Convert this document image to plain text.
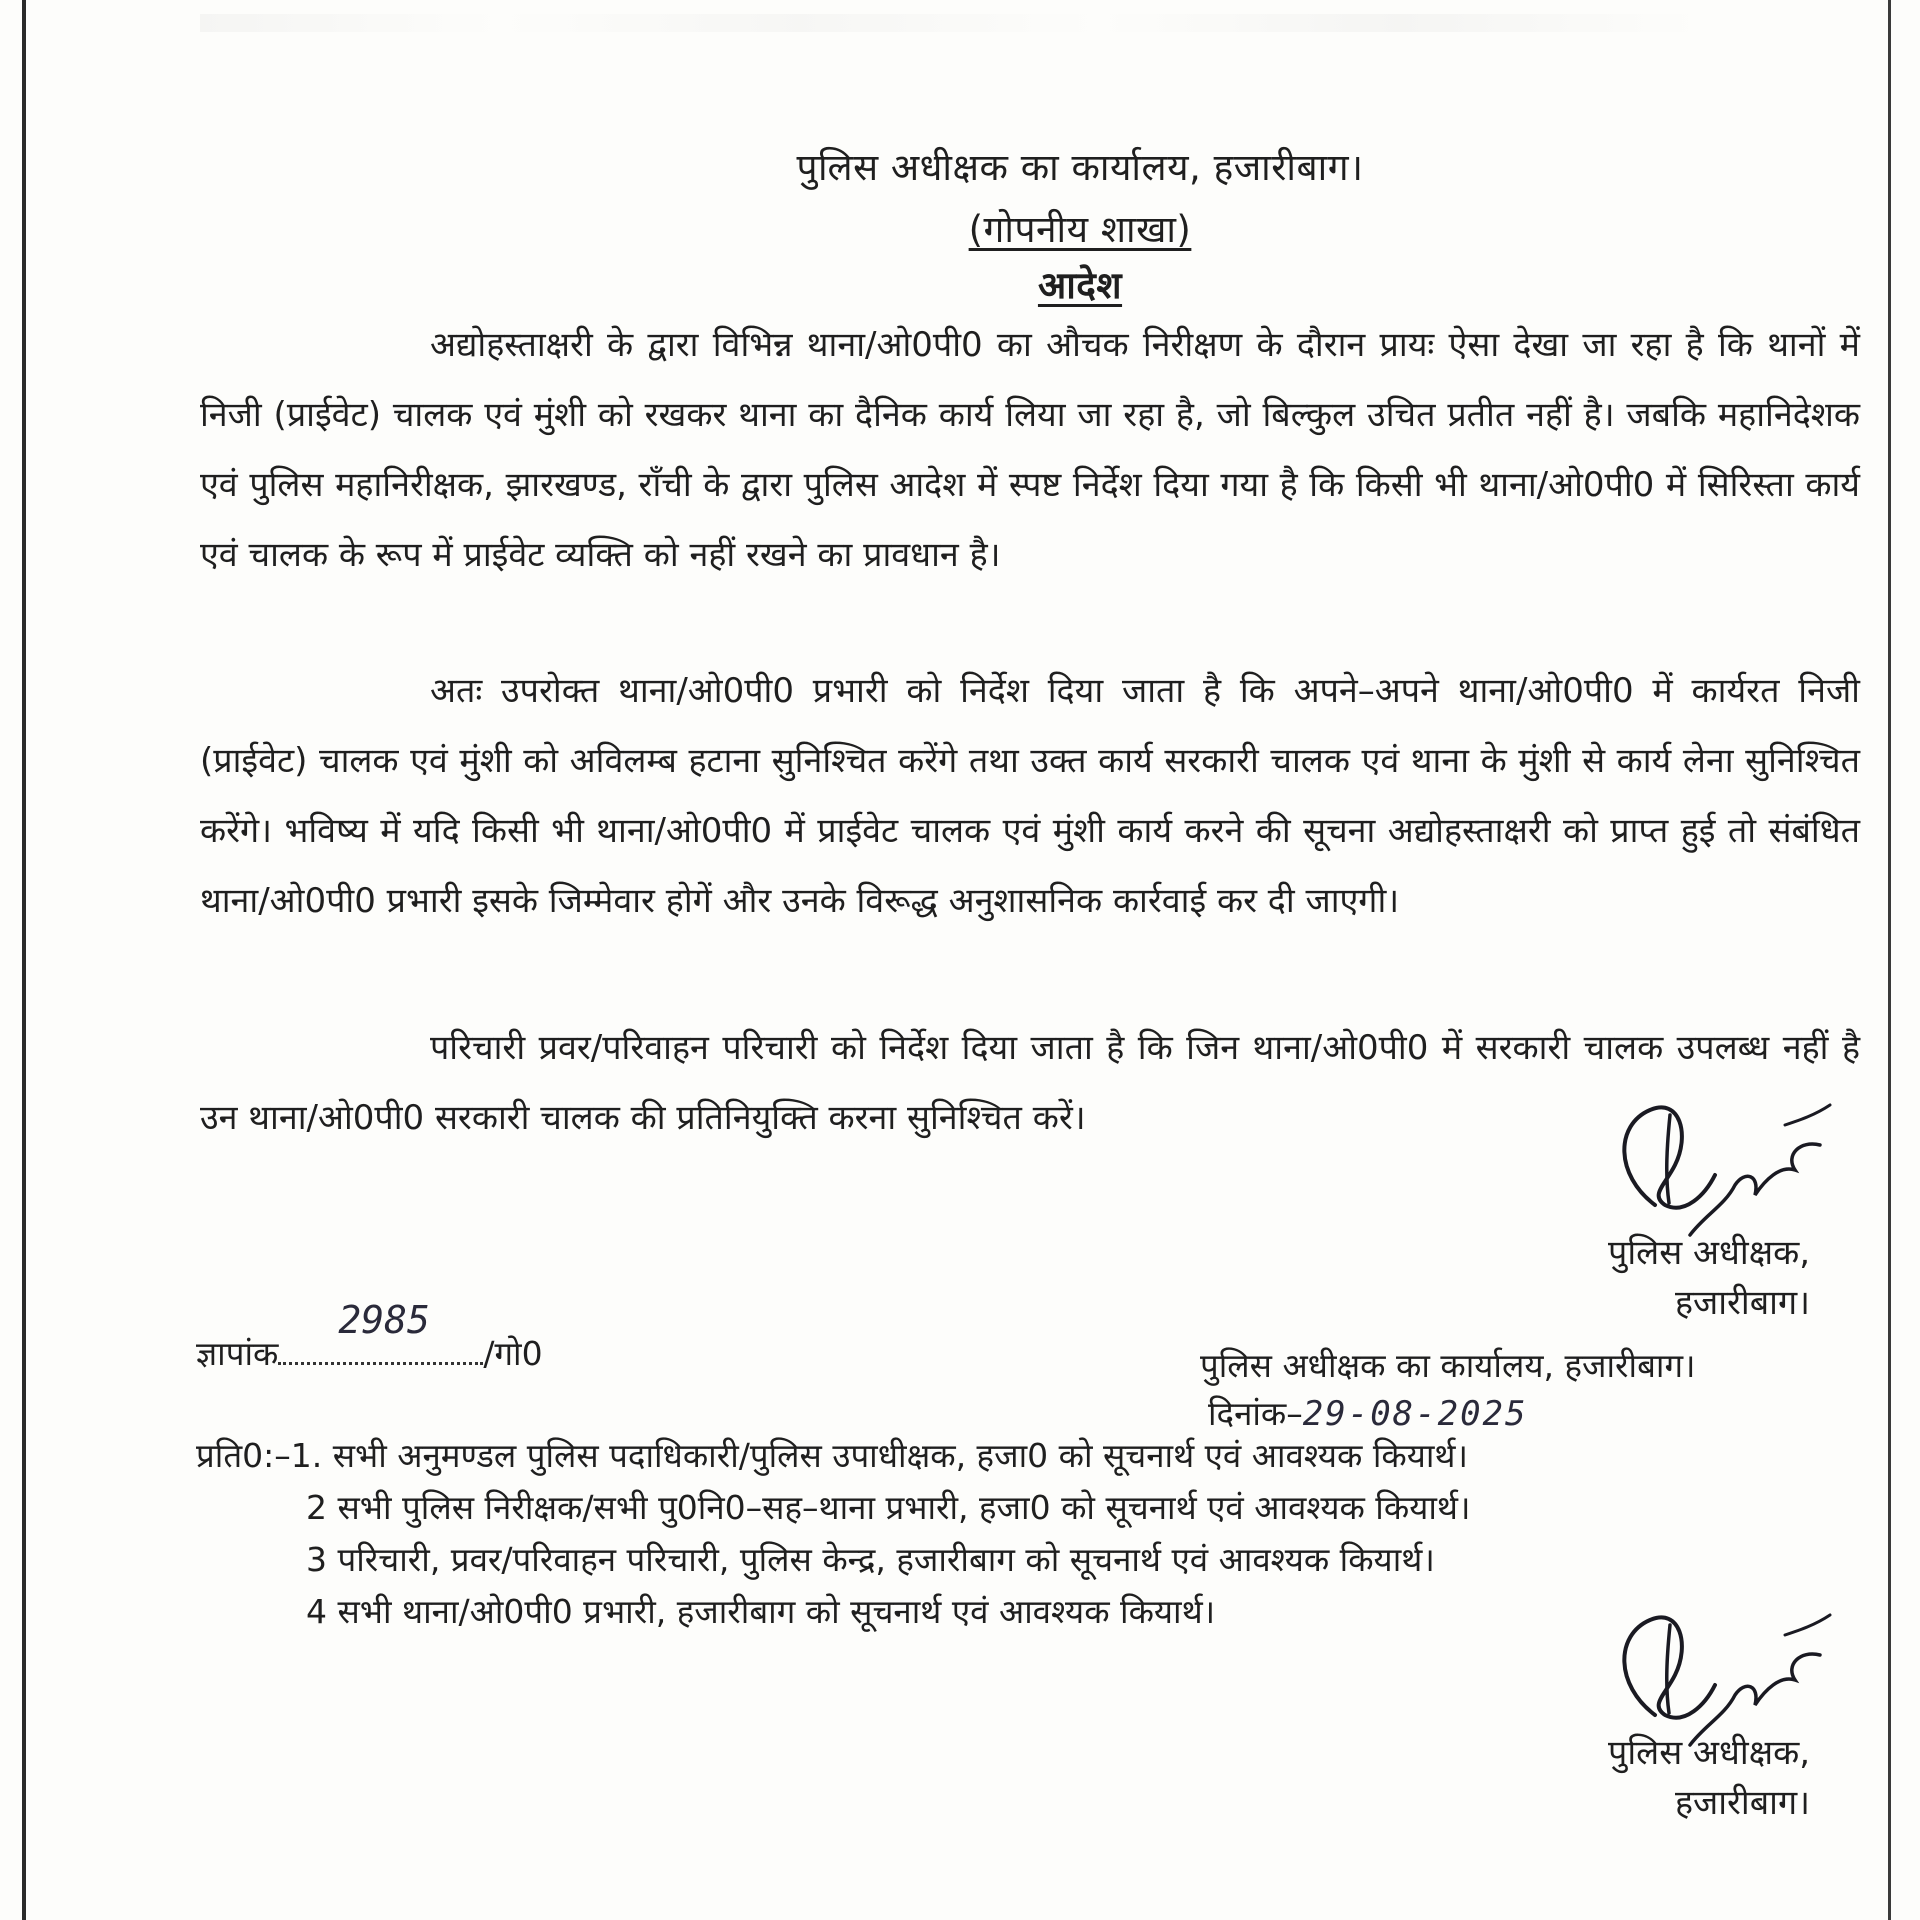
पुलिस अधीक्षक का कार्यालय, हजारीबाग।
(गोपनीय शाखा)
आदेश

अद्योहस्ताक्षरी के द्वारा विभिन्न थाना/ओ0पी0 का औचक निरीक्षण के दौरान प्रायः ऐसा देखा जा रहा है कि थानों में निजी (प्राईवेट) चालक एवं मुंशी को रखकर थाना का दैनिक कार्य लिया जा रहा है, जो बिल्कुल उचित प्रतीत नहीं है। जबकि महानिदेशक एवं पुलिस महानिरीक्षक, झारखण्ड, राँची के द्वारा पुलिस आदेश में स्पष्ट निर्देश दिया गया है कि किसी भी थाना/ओ0पी0 में सिरिस्ता कार्य एवं चालक के रूप में प्राईवेट व्यक्ति को नहीं रखने का प्रावधान है।

अतः उपरोक्त थाना/ओ0पी0 प्रभारी को निर्देश दिया जाता है कि अपने–अपने थाना/ओ0पी0 में कार्यरत निजी (प्राईवेट) चालक एवं मुंशी को अविलम्ब हटाना सुनिश्चित करेंगे तथा उक्त कार्य सरकारी चालक एवं थाना के मुंशी से कार्य लेना सुनिश्चित करेंगे। भविष्य में यदि किसी भी थाना/ओ0पी0 में प्राईवेट चालक एवं मुंशी कार्य करने की सूचना अद्योहस्ताक्षरी को प्राप्त हुई तो संबंधित थाना/ओ0पी0 प्रभारी इसके जिम्मेवार होगें और उनके विरूद्ध अनुशासनिक कार्रवाई कर दी जाएगी।

परिचारी प्रवर/परिवाहन परिचारी को निर्देश दिया जाता है कि जिन थाना/ओ0पी0 में सरकारी चालक उपलब्ध नहीं है उन थाना/ओ0पी0 सरकारी चालक की प्रतिनियुक्ति करना सुनिश्चित करें।

पुलिस अधीक्षक,
हजारीबाग।
ज्ञापांक
2985
/गो0	पुलिस अधीक्षक का कार्यालय, हजारीबाग।
दिनांक–29-08-2025
प्रति0:–1. सभी अनुमण्डल पुलिस पदाधिकारी/पुलिस उपाधीक्षक, हजा0 को सूचनार्थ एवं आवश्यक कियार्थ।
2 सभी पुलिस निरीक्षक/सभी पु0नि0–सह–थाना प्रभारी, हजा0 को सूचनार्थ एवं आवश्यक कियार्थ।
3 परिचारी, प्रवर/परिवाहन परिचारी, पुलिस केन्द्र, हजारीबाग को सूचनार्थ एवं आवश्यक कियार्थ।
4 सभी थाना/ओ0पी0 प्रभारी, हजारीबाग को सूचनार्थ एवं आवश्यक कियार्थ।
पुलिस अधीक्षक,
हजारीबाग।
